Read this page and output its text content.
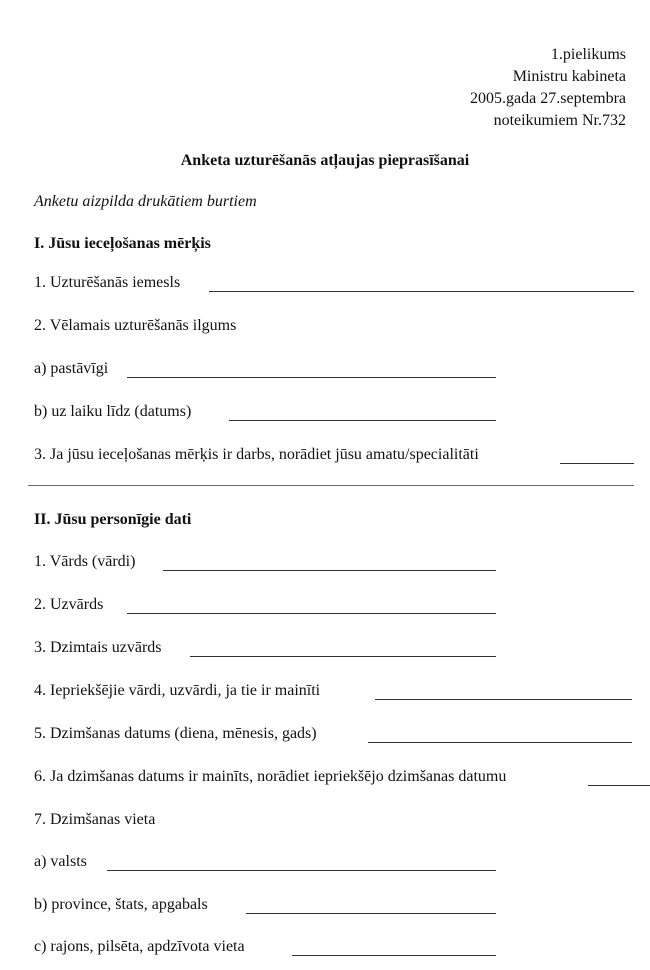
1.pielikums
Ministru kabineta
2005.gada 27.septembra
noteikumiem Nr.732
Anketa uzturēšanās atļaujas pieprasīšanai
Anketu aizpilda drukātiem burtiem
I. Jūsu ieceļošanas mērķis
1. Uzturēšanās iemesls
2. Vēlamais uzturēšanās ilgums
a) pastāvīgi
b) uz laiku līdz (datums)
3. Ja jūsu ieceļošanas mērķis ir darbs, norādiet jūsu amatu/specialitāti
II. Jūsu personīgie dati
1. Vārds (vārdi)
2. Uzvārds
3. Dzimtais uzvārds
4. Iepriekšējie vārdi, uzvārdi, ja tie ir mainīti
5. Dzimšanas datums (diena, mēnesis, gads)
6. Ja dzimšanas datums ir mainīts, norādiet iepriekšējo dzimšanas datumu
7. Dzimšanas vieta
a) valsts
b) province, štats, apgabals
c) rajons, pilsēta, apdzīvota vieta
